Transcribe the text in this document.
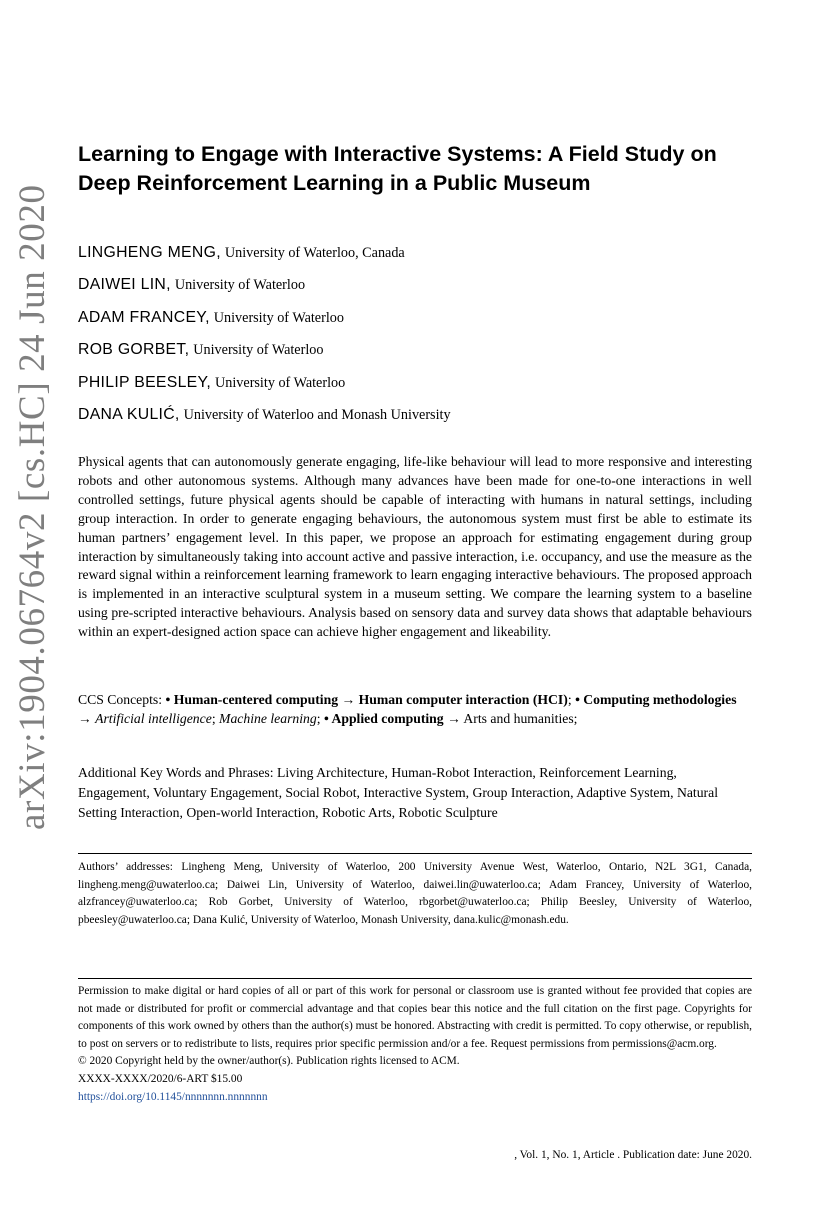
arXiv:1904.06764v2 [cs.HC] 24 Jun 2020
Learning to Engage with Interactive Systems: A Field Study on Deep Reinforcement Learning in a Public Museum
LINGHENG MENG, University of Waterloo, Canada
DAIWEI LIN, University of Waterloo
ADAM FRANCEY, University of Waterloo
ROB GORBET, University of Waterloo
PHILIP BEESLEY, University of Waterloo
DANA KULIĆ, University of Waterloo and Monash University

Physical agents that can autonomously generate engaging, life-like behaviour will lead to more responsive and interesting robots and other autonomous systems. Although many advances have been made for one-to-one interactions in well controlled settings, future physical agents should be capable of interacting with humans in natural settings, including group interaction. In order to generate engaging behaviours, the autonomous system must first be able to estimate its human partners’ engagement level. In this paper, we propose an approach for estimating engagement during group interaction by simultaneously taking into account active and passive interaction, i.e. occupancy, and use the measure as the reward signal within a reinforcement learning framework to learn engaging interactive behaviours. The proposed approach is implemented in an interactive sculptural system in a museum setting. We compare the learning system to a baseline using pre-scripted interactive behaviours. Analysis based on sensory data and survey data shows that adaptable behaviours within an expert-designed action space can achieve higher engagement and likeability.

CCS Concepts: • Human-centered computing → Human computer interaction (HCI); • Computing methodologies → Artificial intelligence; Machine learning; • Applied computing → Arts and humanities;

Additional Key Words and Phrases: Living Architecture, Human-Robot Interaction, Reinforcement Learning, Engagement, Voluntary Engagement, Social Robot, Interactive System, Group Interaction, Adaptive System, Natural Setting Interaction, Open-world Interaction, Robotic Arts, Robotic Sculpture

Authors’ addresses: Lingheng Meng, University of Waterloo, 200 University Avenue West, Waterloo, Ontario, N2L 3G1, Canada, lingheng.meng@uwaterloo.ca; Daiwei Lin, University of Waterloo, daiwei.lin@uwaterloo.ca; Adam Francey, University of Waterloo, alzfrancey@uwaterloo.ca; Rob Gorbet, University of Waterloo, rbgorbet@uwaterloo.ca; Philip Beesley, University of Waterloo, pbeesley@uwaterloo.ca; Dana Kulić, University of Waterloo, Monash University, dana.kulic@monash.edu.

Permission to make digital or hard copies of all or part of this work for personal or classroom use is granted without fee provided that copies are not made or distributed for profit or commercial advantage and that copies bear this notice and the full citation on the first page. Copyrights for components of this work owned by others than the author(s) must be honored. Abstracting with credit is permitted. To copy otherwise, or republish, to post on servers or to redistribute to lists, requires prior specific permission and/or a fee. Request permissions from permissions@acm.org.

© 2020 Copyright held by the owner/author(s). Publication rights licensed to ACM.

XXXX-XXXX/2020/6-ART $15.00

https://doi.org/10.1145/nnnnnnn.nnnnnnn

, Vol. 1, No. 1, Article . Publication date: June 2020.
